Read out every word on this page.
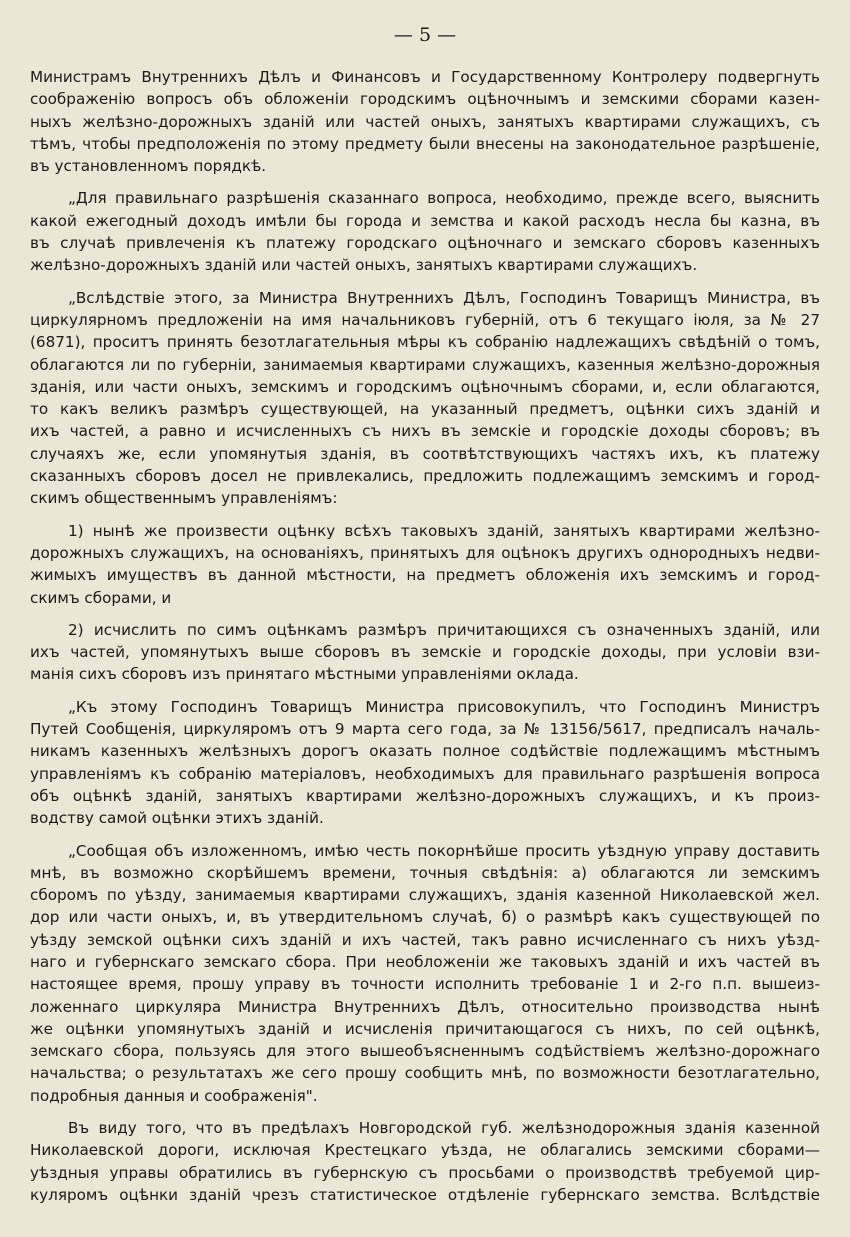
— 5 —
Министрамъ Внутреннихъ Дѣлъ и Финансовъ и Государственному Контролеру подвергнуть
соображенію вопросъ объ обложеніи городскимъ оцѣночнымъ и земскими сборами казен-
ныхъ желѣзно-дорожныхъ зданій или частей оныхъ, занятыхъ квартирами служащихъ, съ
тѣмъ, чтобы предположенія по этому предмету были внесены на законодательное разрѣшеніе,
въ установленномъ порядкѣ.
„Для правильнаго разрѣшенія сказаннаго вопроса, необходимо, прежде всего, выяснить
какой ежегодный доходъ имѣли бы города и земства и какой расходъ несла бы казна, въ
въ случаѣ привлеченія къ платежу городскаго оцѣночнаго и земскаго сборовъ казенныхъ
желѣзно-дорожныхъ зданій или частей оныхъ, занятыхъ квартирами служащихъ.
„Вслѣдствіе этого, за Министра Внутреннихъ Дѣлъ, Господинъ Товарищъ Министра, въ
циркулярномъ предложеніи на имя начальниковъ губерній, отъ 6 текущаго іюля, за № 27
(6871), проситъ принять безотлагательныя мѣры къ собранію надлежащихъ свѣдѣній о томъ,
облагаются ли по губерніи, занимаемыя квартирами служащихъ, казенныя желѣзно-дорожныя
зданія, или части оныхъ, земскимъ и городскимъ оцѣночнымъ сборами, и, если облагаются,
то какъ великъ размѣръ существующей, на указанный предметъ, оцѣнки сихъ зданій и
ихъ частей, а равно и исчисленныхъ съ нихъ въ земскіе и городскіе доходы сборовъ; въ
случаяхъ же, если упомянутыя зданія, въ соотвѣтствующихъ частяхъ ихъ, къ платежу
сказанныхъ сборовъ досел не привлекались, предложить подлежащимъ земскимъ и город-
скимъ общественнымъ управленіямъ:
1) нынѣ же произвести оцѣнку всѣхъ таковыхъ зданій, занятыхъ квартирами желѣзно-
дорожныхъ служащихъ, на основаніяхъ, принятыхъ для оцѣнокъ другихъ однородныхъ недви-
жимыхъ имуществъ въ данной мѣстности, на предметъ обложенія ихъ земскимъ и город-
скимъ сборами, и
2) исчислить по симъ оцѣнкамъ размѣръ причитающихся съ означенныхъ зданій, или
ихъ частей, упомянутыхъ выше сборовъ въ земскіе и городскіе доходы, при условіи взи-
манія сихъ сборовъ изъ принятаго мѣстными управленіями оклада.
„Къ этому Господинъ Товарищъ Министра присовокупилъ, что Господинъ Министръ
Путей Сообщенія, циркуляромъ отъ 9 марта сего года, за № 13156/5617, предписалъ началь-
никамъ казенныхъ желѣзныхъ дорогъ оказать полное содѣйствіе подлежащимъ мѣстнымъ
управленіямъ къ собранію матеріаловъ, необходимыхъ для правильнаго разрѣшенія вопроса
объ оцѣнкѣ зданій, занятыхъ квартирами желѣзно-дорожныхъ служащихъ, и къ произ-
водству самой оцѣнки этихъ зданій.
„Сообщая объ изложенномъ, имѣю честь покорнѣйше просить уѣздную управу доставить
мнѣ, въ возможно скорѣйшемъ времени, точныя свѣдѣнія: а) облагаются ли земскимъ
сборомъ по уѣзду, занимаемыя квартирами служащихъ, зданія казенной Николаевской жел.
дор или части оныхъ, и, въ утвердительномъ случаѣ, б) о размѣрѣ какъ существующей по
уѣзду земской оцѣнки сихъ зданій и ихъ частей, такъ равно исчисленнаго съ нихъ уѣзд-
наго и губернскаго земскаго сбора. При необложеніи же таковыхъ зданій и ихъ частей въ
настоящее время, прошу управу въ точности исполнить требованіе 1 и 2-го п.п. вышеиз-
ложеннаго циркуляра Министра Внутреннихъ Дѣлъ, относительно производства нынѣ
же оцѣнки упомянутыхъ зданій и исчисленія причитающагося съ нихъ, по сей оцѣнкѣ,
земскаго сбора, пользуясь для этого вышеобъясненнымъ содѣйствіемъ желѣзно-дорожнаго
начальства; о результатахъ же сего прошу сообщить мнѣ, по возможности безотлагательно,
подробныя данныя и соображенія".
Въ виду того, что въ предѣлахъ Новгородской губ. желѣзнодорожныя зданія казенной
Николаевской дороги, исключая Крестецкаго уѣзда, не облагались земскими сборами—
уѣздныя управы обратились въ губернскую съ просьбами о производствѣ требуемой цир-
куляромъ оцѣнки зданій чрезъ статистическое отдѣленіе губернскаго земства. Вслѣдствіе
